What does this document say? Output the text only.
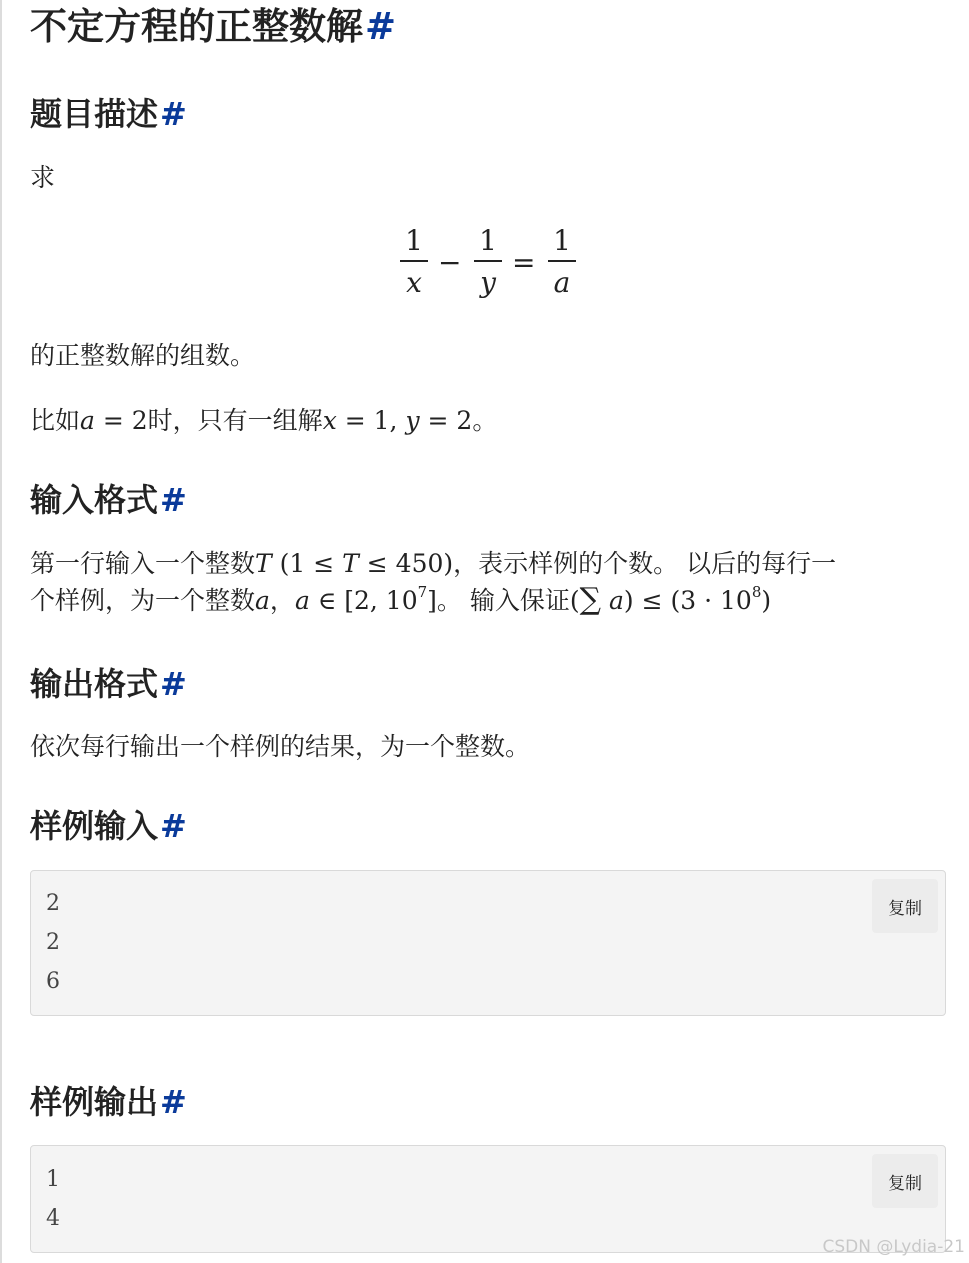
不定方程的正整数解#
题目描述#

求

1
x
−
1
y
=
1
a

的正整数解的组数。

比如a = 2时，只有一组解x = 1, y = 2。

输入格式#

第一行输入一个整数T (1 ≤ T ≤ 450)，表示样例的个数。 以后的每行一
个样例，为一个整数a，a ∈ [2, $10^7$]。 输入保证(∑ $a) \le (3 \cdot 10^8)$

输出格式#

依次每行输出一个样例的结果，为一个整数。

样例输入#
2
2
6
复制
样例输出#
1
4
复制
CSDN @Lydia-21
